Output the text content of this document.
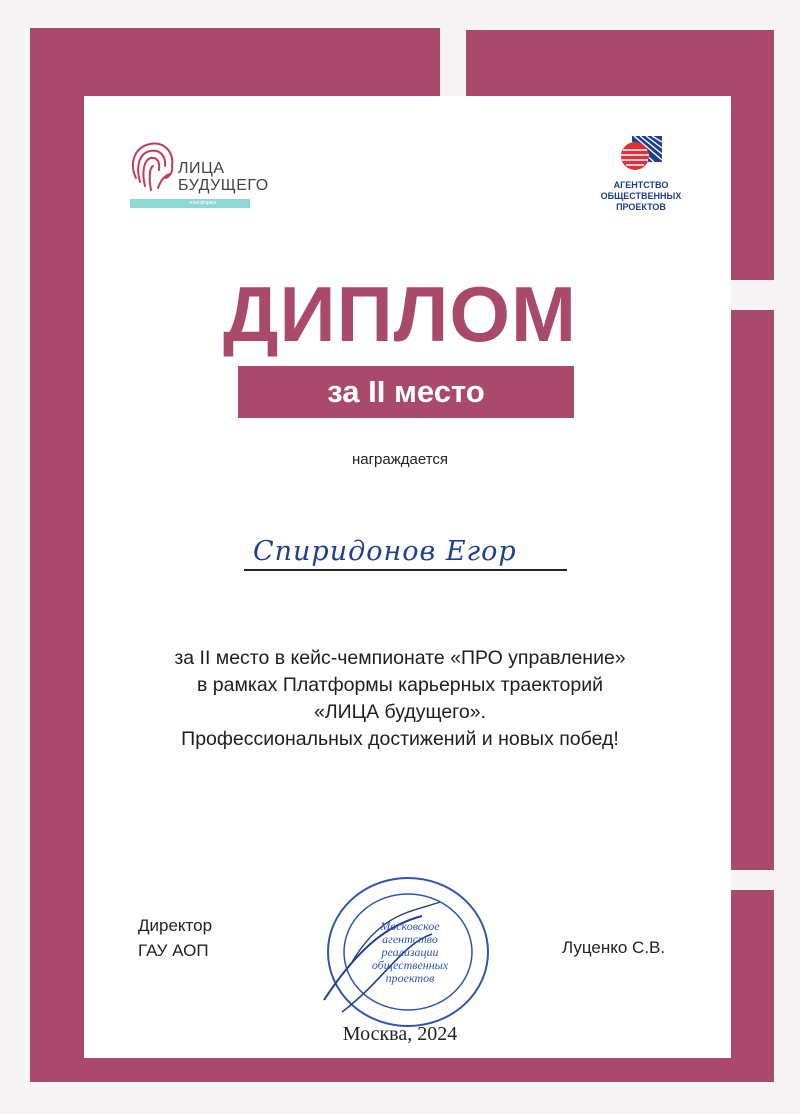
ЛИЦА
БУДУЩЕГО
платформа
АГЕНТСТВО
ОБЩЕСТВЕННЫХ
ПРОЕКТОВ
ДИПЛОМ
за II место
награждается
Спиридонов Егор
за II место в кейс-чемпионате «ПРО управление»
в рамках Платформы карьерных траекторий
«ЛИЦА будущего».
Профессиональных достижений и новых побед!
Директор
ГАУ АОП	Луценко С.В.
Московское
агентство реализации
общественных
проектов
Москва, 2024
